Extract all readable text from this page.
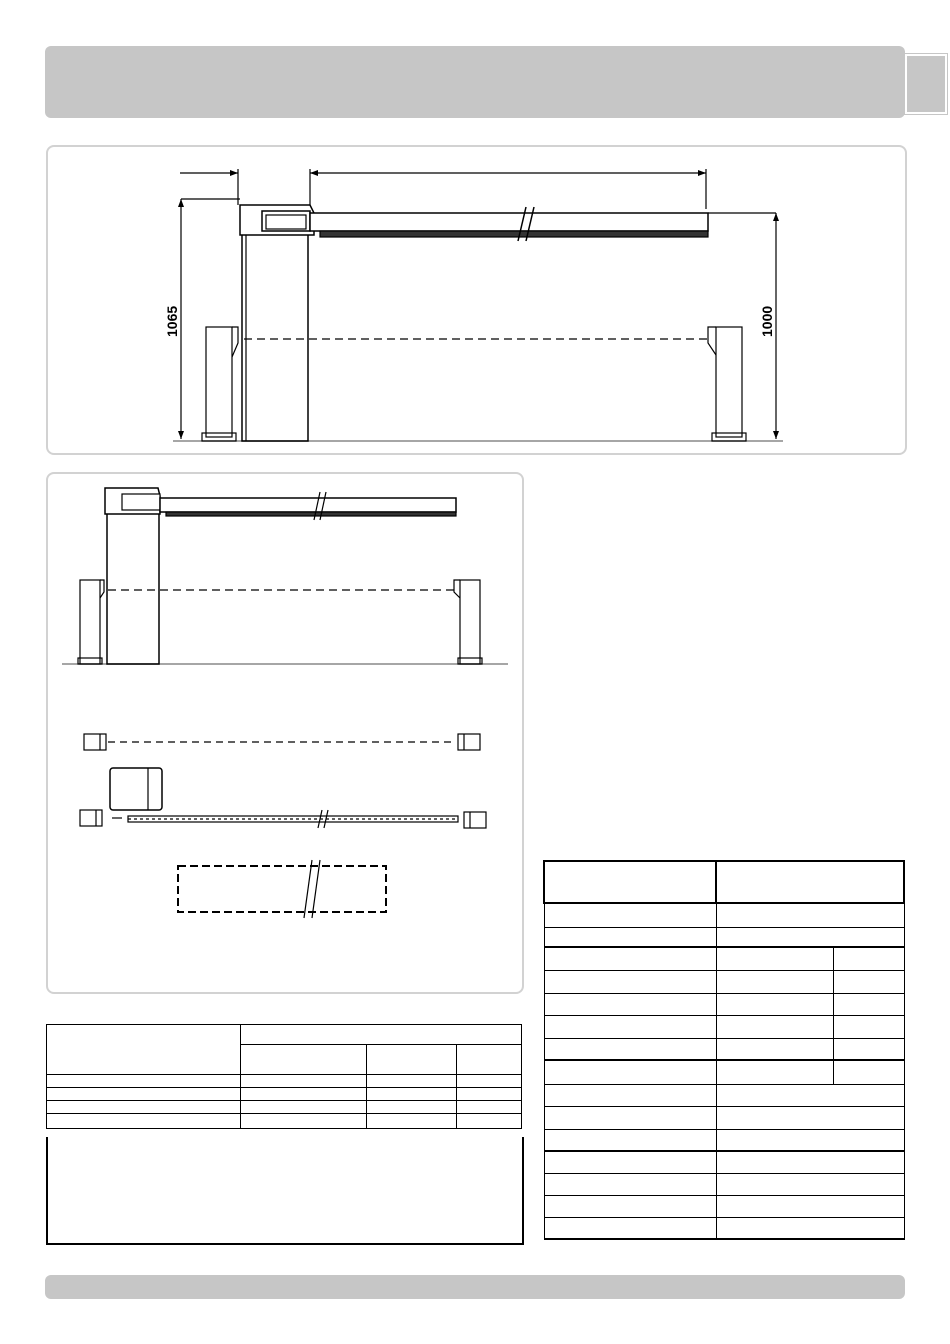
1065	1000
